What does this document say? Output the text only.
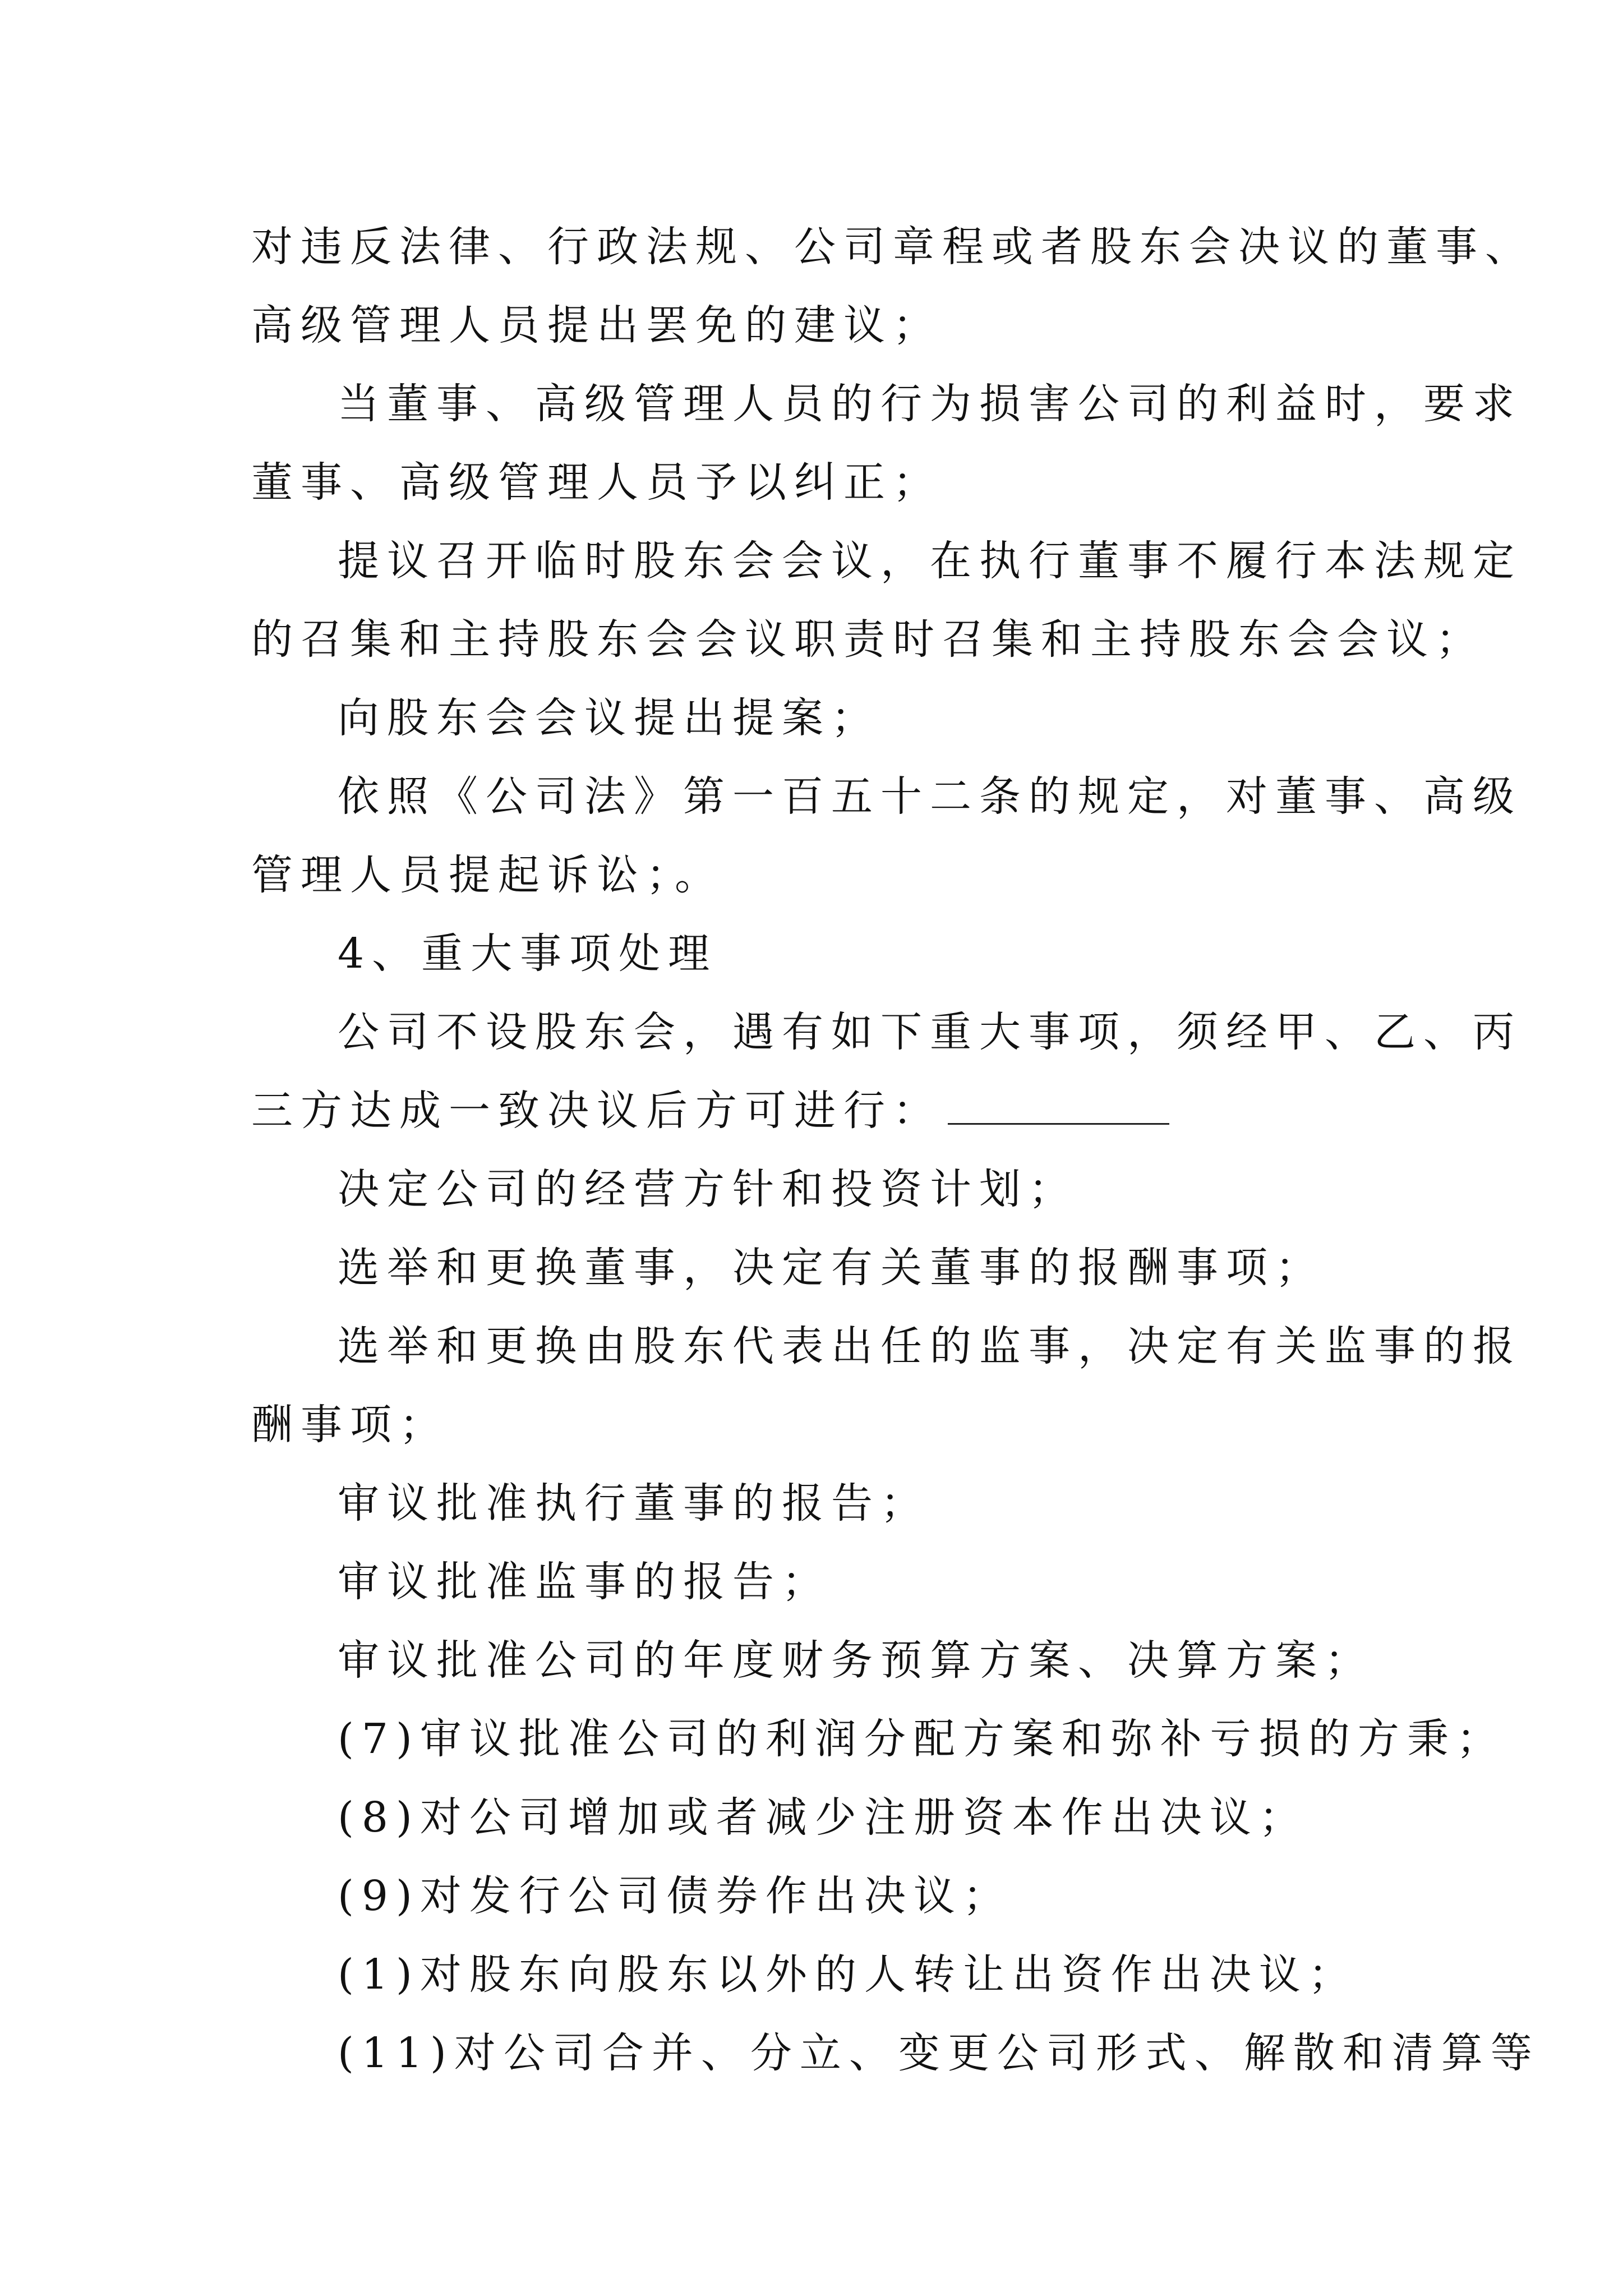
对违反法律、行政法规、公司章程或者股东会决议的董事、
高级管理人员提出罢免的建议；
当董事、高级管理人员的行为损害公司的利益时，要求
董事、高级管理人员予以纠正；
提议召开临时股东会会议，在执行董事不履行本法规定
的召集和主持股东会会议职责时召集和主持股东会会议；
向股东会会议提出提案；
依照《公司法》第一百五十二条的规定，对董事、高级
管理人员提起诉讼；。
4、重大事项处理
公司不设股东会，遇有如下重大事项，须经甲、乙、丙
三方达成一致决议后方可进行：
决定公司的经营方针和投资计划；
选举和更换董事，决定有关董事的报酬事项；
选举和更换由股东代表出任的监事，决定有关监事的报
酬事项；
审议批准执行董事的报告；
审议批准监事的报告；
审议批准公司的年度财务预算方案、决算方案；
(7)审议批准公司的利润分配方案和弥补亏损的方秉；
(8)对公司增加或者减少注册资本作出决议；
(9)对发行公司债券作出决议；
(1)对股东向股东以外的人转让出资作出决议；
(11)对公司合并、分立、变更公司形式、解散和清算等
